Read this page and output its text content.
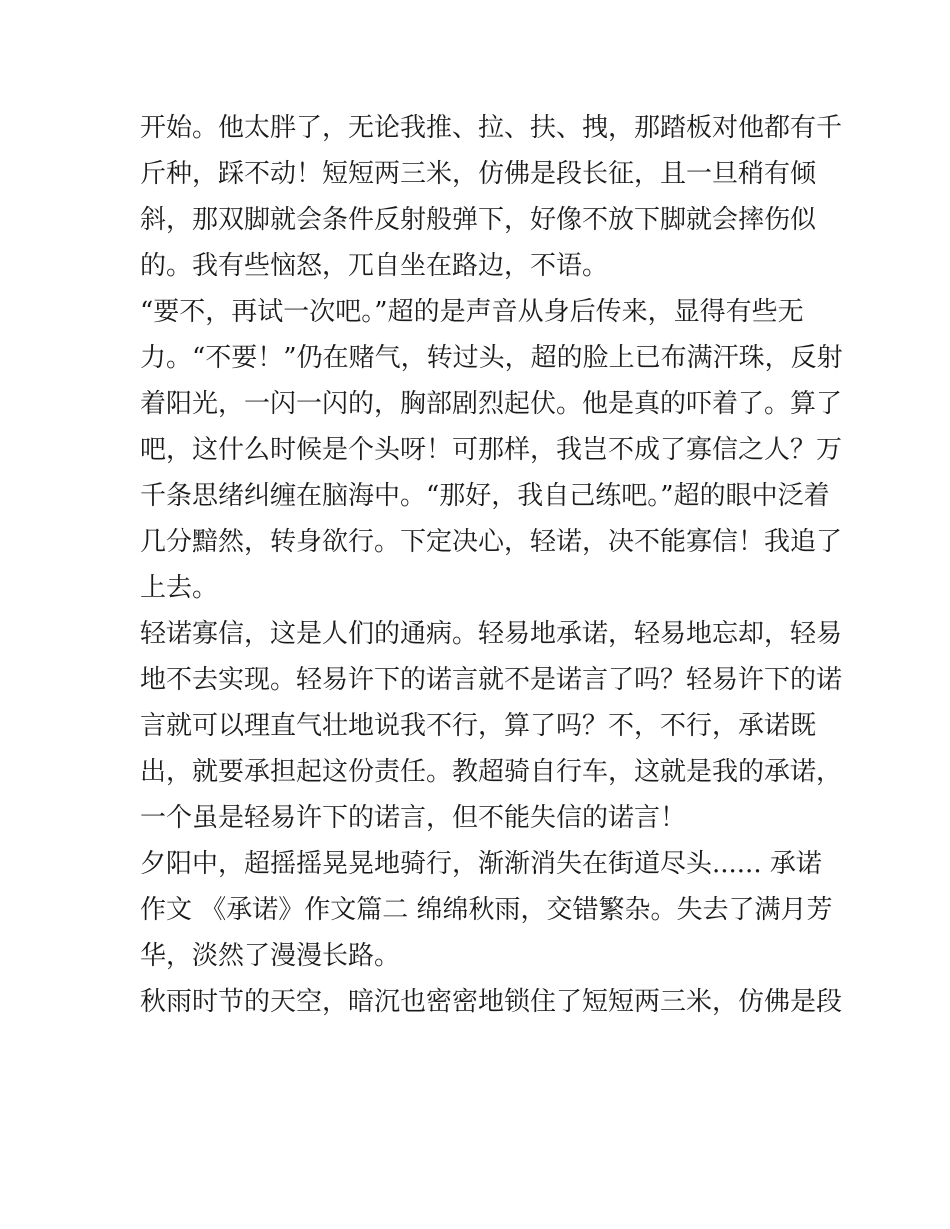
开始。他太胖了，无论我推、拉、扶、拽，那踏板对他都有千
斤种，踩不动！短短两三米，仿佛是段长征，且一旦稍有倾
斜，那双脚就会条件反射般弹下，好像不放下脚就会摔伤似
的。我有些恼怒，兀自坐在路边，不语。
“要不，再试一次吧。”超的是声音从身后传来，显得有些无
力。“不要！”仍在赌气，转过头，超的脸上已布满汗珠，反射
着阳光，一闪一闪的，胸部剧烈起伏。他是真的吓着了。算了
吧，这什么时候是个头呀！可那样，我岂不成了寡信之人？万
千条思绪纠缠在脑海中。“那好，我自己练吧。”超的眼中泛着
几分黯然，转身欲行。下定决心，轻诺，决不能寡信！我追了
上去。
轻诺寡信，这是人们的通病。轻易地承诺，轻易地忘却，轻易
地不去实现。轻易许下的诺言就不是诺言了吗？轻易许下的诺
言就可以理直气壮地说我不行，算了吗？不，不行，承诺既
出，就要承担起这份责任。教超骑自行车，这就是我的承诺，
一个虽是轻易许下的诺言，但不能失信的诺言！
夕阳中，超摇摇晃晃地骑行，渐渐消失在街道尽头...... 承诺
作文 《承诺》作文篇二 绵绵秋雨，交错繁杂。失去了满月芳
华，淡然了漫漫长路。
秋雨时节的天空，暗沉也密密地锁住了短短两三米，仿佛是段
